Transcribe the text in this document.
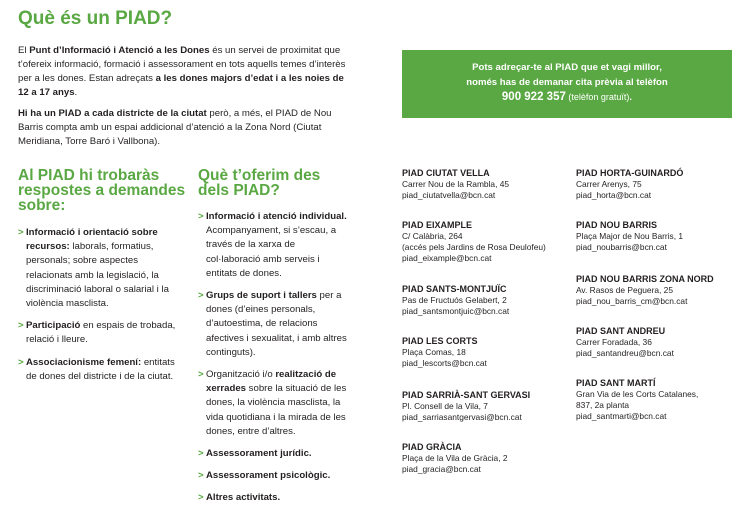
Què és un PIAD?

El Punt d’Informació i Atenció a les Dones és un servei de proximitat que t’ofereix informació, formació i assessorament en tots aquells temes d’interès per a les dones. Estan adreçats a les dones majors d’edat i a les noies de 12 a 17 anys.

Hi ha un PIAD a cada districte de la ciutat però, a més, el PIAD de Nou Barris compta amb un espai addicional d’atenció a la Zona Nord (Ciutat Meridiana, Torre Baró i Vallbona).

Pots adreçar-te al PIAD que et vagi millor,
només has de demanar cita prèvia al telèfon
900 922 357 (telèfon gratuït).
Al PIAD hi trobaràs respostes a demandes sobre:
> Informació i orientació sobre recursos: laborals, formatius, personals; sobre aspectes relacionats amb la legislació, la discriminació laboral o salarial i la violència masclista.
> Participació en espais de trobada, relació i lleure.
> Associacionisme femení: entitats de dones del districte i de la ciutat.
Què t’oferim des dels PIAD?
> Informació i atenció individual. Acompanyament, si s’escau, a través de la xarxa de col·laboració amb serveis i entitats de dones.
> Grups de suport i tallers per a dones (d’eines personals, d’autoestima, de relacions afectives i sexualitat, i amb altres continguts).
> Organització i/o realització de xerrades sobre la situació de les dones, la violència masclista, la vida quotidiana i la mirada de les dones, entre d’altres.
> Assessorament jurídic.
> Assessorament psicològic.
> Altres activitats.
PIAD CIUTAT VELLA
Carrer Nou de la Rambla, 45
piad_ciutatvella@bcn.cat
PIAD EIXAMPLE
C/ Calàbria, 264
(accés pels Jardins de Rosa Deulofeu)
piad_eixample@bcn.cat
PIAD SANTS-MONTJUÏC
Pas de Fructuós Gelabert, 2
piad_santsmontjuic@bcn.cat
PIAD LES CORTS
Plaça Comas, 18
piad_lescorts@bcn.cat
PIAD SARRIÀ-SANT GERVASI
Pl. Consell de la Vila, 7
piad_sarriasantgervasi@bcn.cat
PIAD GRÀCIA
Plaça de la Vila de Gràcia, 2
piad_gracia@bcn.cat
PIAD HORTA-GUINARDÓ
Carrer Arenys, 75
piad_horta@bcn.cat
PIAD NOU BARRIS
Plaça Major de Nou Barris, 1
piad_noubarris@bcn.cat
PIAD NOU BARRIS ZONA NORD
Av. Rasos de Peguera, 25
piad_nou_barris_cm@bcn.cat
PIAD SANT ANDREU
Carrer Foradada, 36
piad_santandreu@bcn.cat
PIAD SANT MARTÍ
Gran Via de les Corts Catalanes,
837, 2a planta
piad_santmarti@bcn.cat
